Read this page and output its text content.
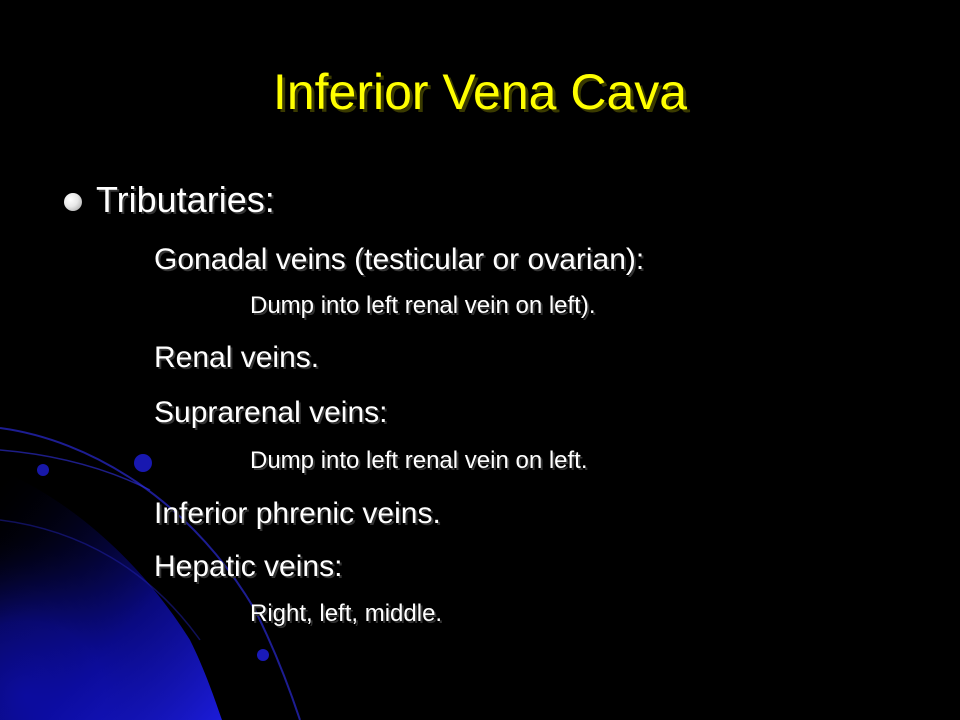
Inferior Vena Cava
Tributaries:
Gonadal veins (testicular or ovarian):
Dump into left renal vein on left).
Renal veins.
Suprarenal veins:
Dump into left renal vein on left.
Inferior phrenic veins.
Hepatic veins:
Right, left, middle.
